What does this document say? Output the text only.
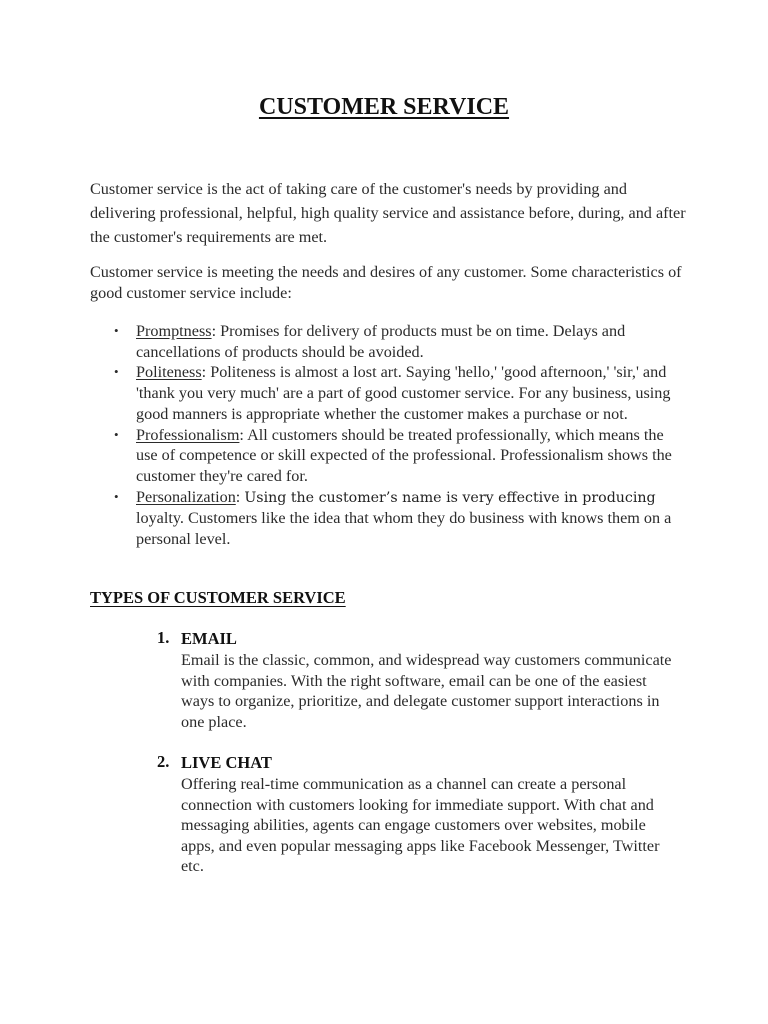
CUSTOMER SERVICE

Customer service is the act of taking care of the customer's needs by providing and delivering professional, helpful, high quality service and assistance before, during, and after the customer's requirements are met.

Customer service is meeting the needs and desires of any customer. Some characteristics of good customer service include:

• Promptness: Promises for delivery of products must be on time. Delays and cancellations of products should be avoided.
• Politeness: Politeness is almost a lost art. Saying 'hello,' 'good afternoon,' 'sir,' and 'thank you very much' are a part of good customer service. For any business, using good manners is appropriate whether the customer makes a purchase or not.
• Professionalism: All customers should be treated professionally, which means the use of competence or skill expected of the professional. Professionalism shows the customer they're cared for.
• Personalization: Using the customer’s name is very effective in producing loyalty. Customers like the idea that whom they do business with knows them on a personal level.
TYPES OF CUSTOMER SERVICE
1. EMAIL

Email is the classic, common, and widespread way customers communicate with companies. With the right software, email can be one of the easiest ways to organize, prioritize, and delegate customer support interactions in one place.

2. LIVE CHAT

Offering real-time communication as a channel can create a personal connection with customers looking for immediate support. With chat and messaging abilities, agents can engage customers over websites, mobile apps, and even popular messaging apps like Facebook Messenger, Twitter etc.
